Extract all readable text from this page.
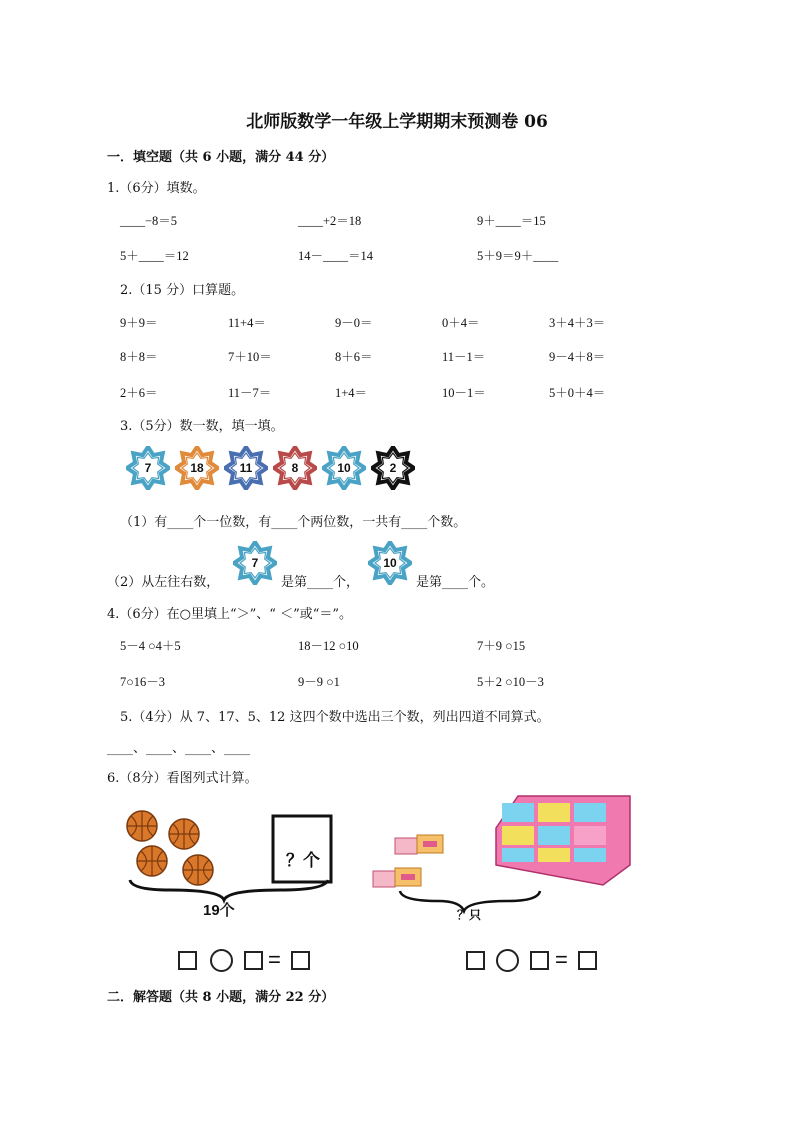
北师版数学一年级上学期期末预测卷 06
一．填空题（共 6 小题，满分 44 分）
1.（6分）填数。
____−8＝5	____+2＝18	9＋____＝15
5＋____＝12	14－____＝14	5＋9＝9＋____
2.（15 分）口算题。
9＋9＝	11+4＝	9－0＝	0＋4＝	3＋4＋3＝
8＋8＝	7＋10＝	8＋6＝	11－1＝	9－4＋8＝
2＋6＝	11－7＝	1+4＝	10－1＝	5＋0＋4＝
3.（5分）数一数，填一填。
7	18	11	8	10	2
（1）有____个一位数，有____个两位数，一共有____个数。
（2）从左往右数，
7
是第____个，
10
是第____个。
4.（6分）在○里填上“＞”、“ ＜”或“＝”。
5－4 ○4＋5	18－12 ○10	7＋9 ○15
7○16－3	9－9 ○1	5＋2 ○10－3
5.（4分）从 7、17、5、12 这四个数中选出三个数，列出四道不同算式。
____、____、____、____
6.（8分）看图列式计算。
？个
19个	？只
=	=
二．解答题（共 8 小题，满分 22 分）
